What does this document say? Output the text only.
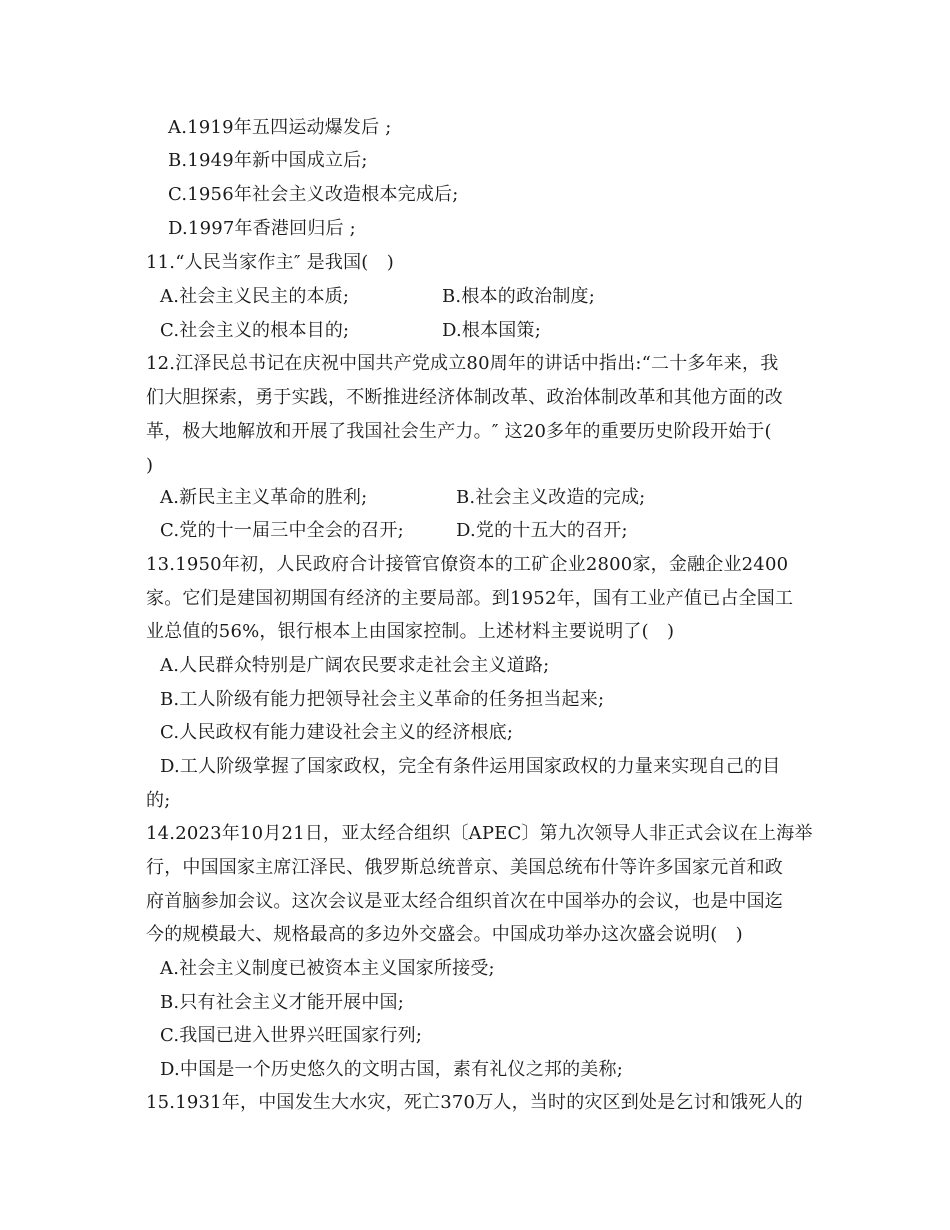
A.1919年五四运动爆发后 ;
B.1949年新中国成立后;
C.1956年社会主义改造根本完成后;
D.1997年香港回归后 ;
11.“人民当家作主″ 是我国(　)
A.社会主义民主的本质;	B.根本的政治制度;
C.社会主义的根本目的;	D.根本国策;
12.江泽民总书记在庆祝中国共产党成立80周年的讲话中指出:“二十多年来，我
们大胆探索，勇于实践，不断推进经济体制改革、政治体制改革和其他方面的改
革，极大地解放和开展了我国社会生产力。″ 这20多年的重要历史阶段开始于(
)
A.新民主主义革命的胜利;	B.社会主义改造的完成;
C.党的十一届三中全会的召开;	D.党的十五大的召开;
13.1950年初，人民政府合计接管官僚资本的工矿企业2800家，金融企业2400
家。它们是建国初期国有经济的主要局部。到1952年，国有工业产值已占全国工
业总值的56%，银行根本上由国家控制。上述材料主要说明了(　)
A.人民群众特别是广阔农民要求走社会主义道路;
B.工人阶级有能力把领导社会主义革命的任务担当起来;
C.人民政权有能力建设社会主义的经济根底;
D.工人阶级掌握了国家政权，完全有条件运用国家政权的力量来实现自己的目
的;
14.2023年10月21日，亚太经合组织〔APEC〕第九次领导人非正式会议在上海举
行，中国国家主席江泽民、俄罗斯总统普京、美国总统布什等许多国家元首和政
府首脑参加会议。这次会议是亚太经合组织首次在中国举办的会议，也是中国迄
今的规模最大、规格最高的多边外交盛会。中国成功举办这次盛会说明(　)
A.社会主义制度已被资本主义国家所接受;
B.只有社会主义才能开展中国;
C.我国已进入世界兴旺国家行列;
D.中国是一个历史悠久的文明古国，素有礼仪之邦的美称;
15.1931年，中国发生大水灾，死亡370万人，当时的灾区到处是乞讨和饿死人的
